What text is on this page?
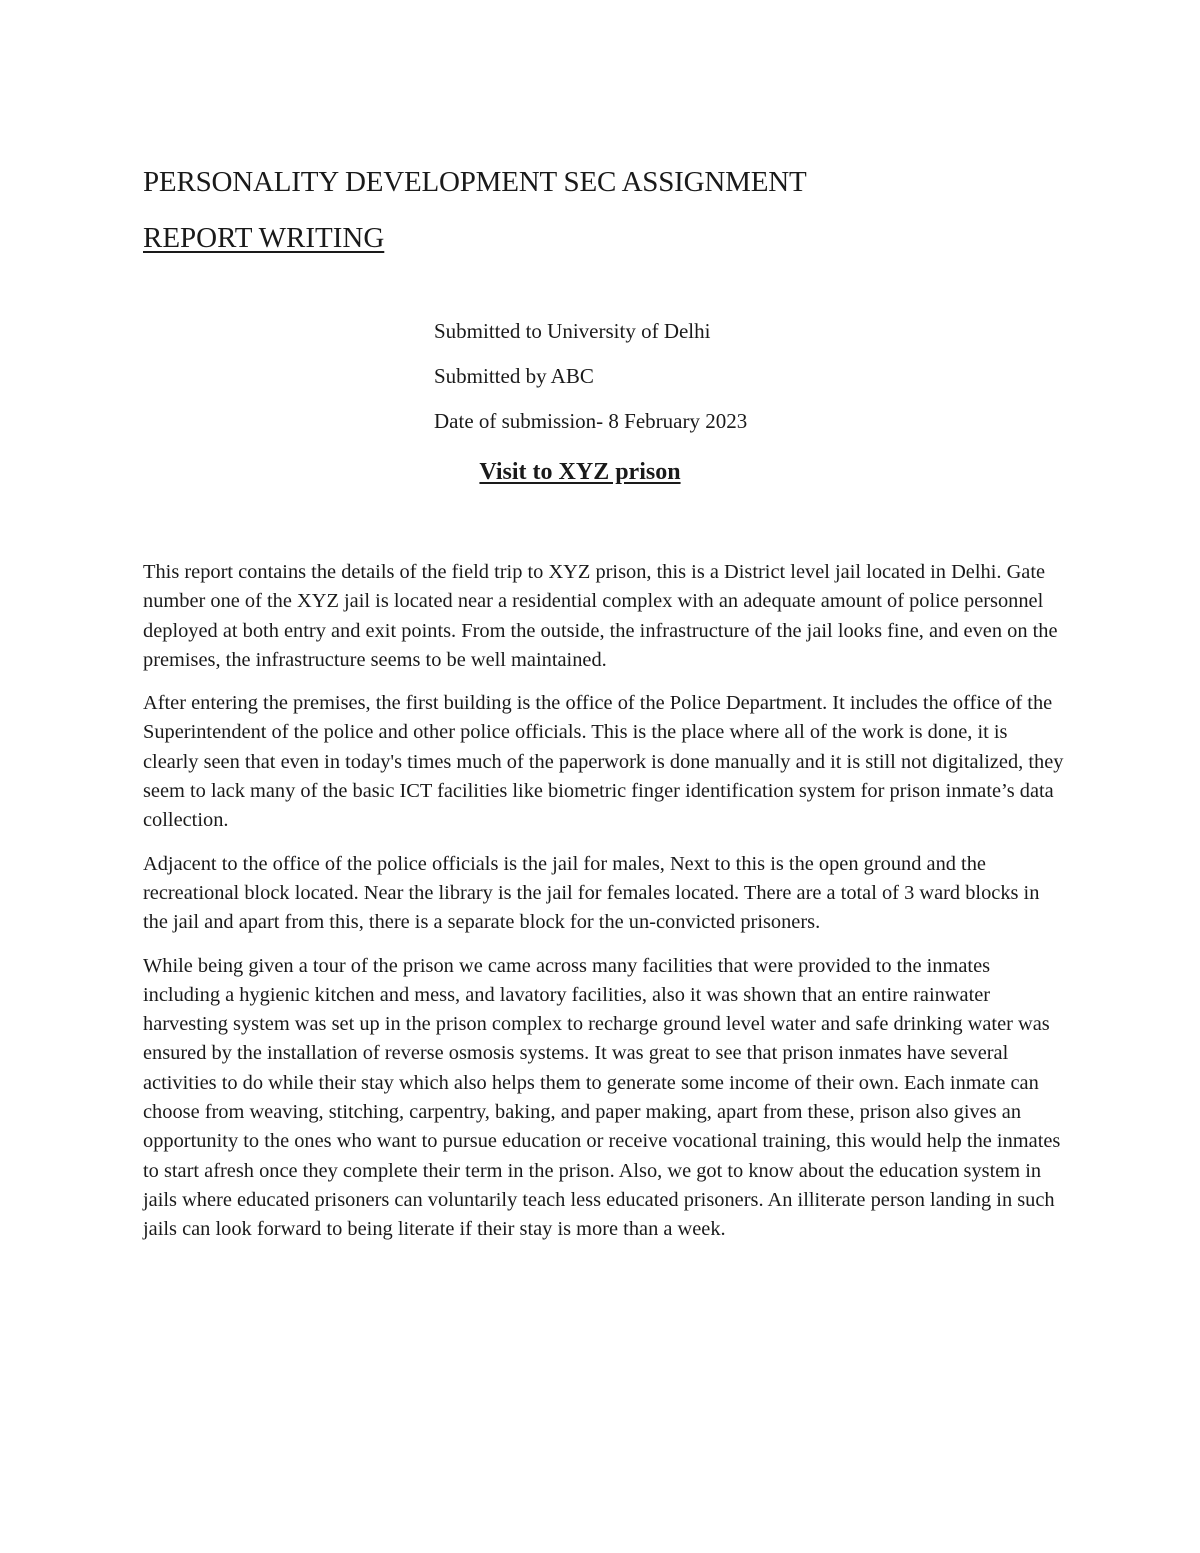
PERSONALITY DEVELOPMENT SEC ASSIGNMENT
REPORT WRITING
Submitted to University of Delhi
Submitted by ABC
Date of submission- 8 February 2023
Visit to XYZ prison

This report contains the details of the field trip to XYZ prison, this is a District level jail located in Delhi. Gate number one of the XYZ jail is located near a residential complex with an adequate amount of police personnel deployed at both entry and exit points. From the outside, the infrastructure of the jail looks fine, and even on the premises, the infrastructure seems to be well maintained.

After entering the premises, the first building is the office of the Police Department. It includes the office of the Superintendent of the police and other police officials. This is the place where all of the work is done, it is clearly seen that even in today's times much of the paperwork is done manually and it is still not digitalized, they seem to lack many of the basic ICT facilities like biometric finger identification system for prison inmate’s data collection.

Adjacent to the office of the police officials is the jail for males, Next to this is the open ground and the recreational block located. Near the library is the jail for females located. There are a total of 3 ward blocks in the jail and apart from this, there is a separate block for the un-convicted prisoners.

While being given a tour of the prison we came across many facilities that were provided to the inmates including a hygienic kitchen and mess, and lavatory facilities, also it was shown that an entire rainwater harvesting system was set up in the prison complex to recharge ground level water and safe drinking water was ensured by the installation of reverse osmosis systems. It was great to see that prison inmates have several activities to do while their stay which also helps them to generate some income of their own. Each inmate can choose from weaving, stitching, carpentry, baking, and paper making, apart from these, prison also gives an opportunity to the ones who want to pursue education or receive vocational training, this would help the inmates to start afresh once they complete their term in the prison. Also, we got to know about the education system in jails where educated prisoners can voluntarily teach less educated prisoners. An illiterate person landing in such jails can look forward to being literate if their stay is more than a week.
